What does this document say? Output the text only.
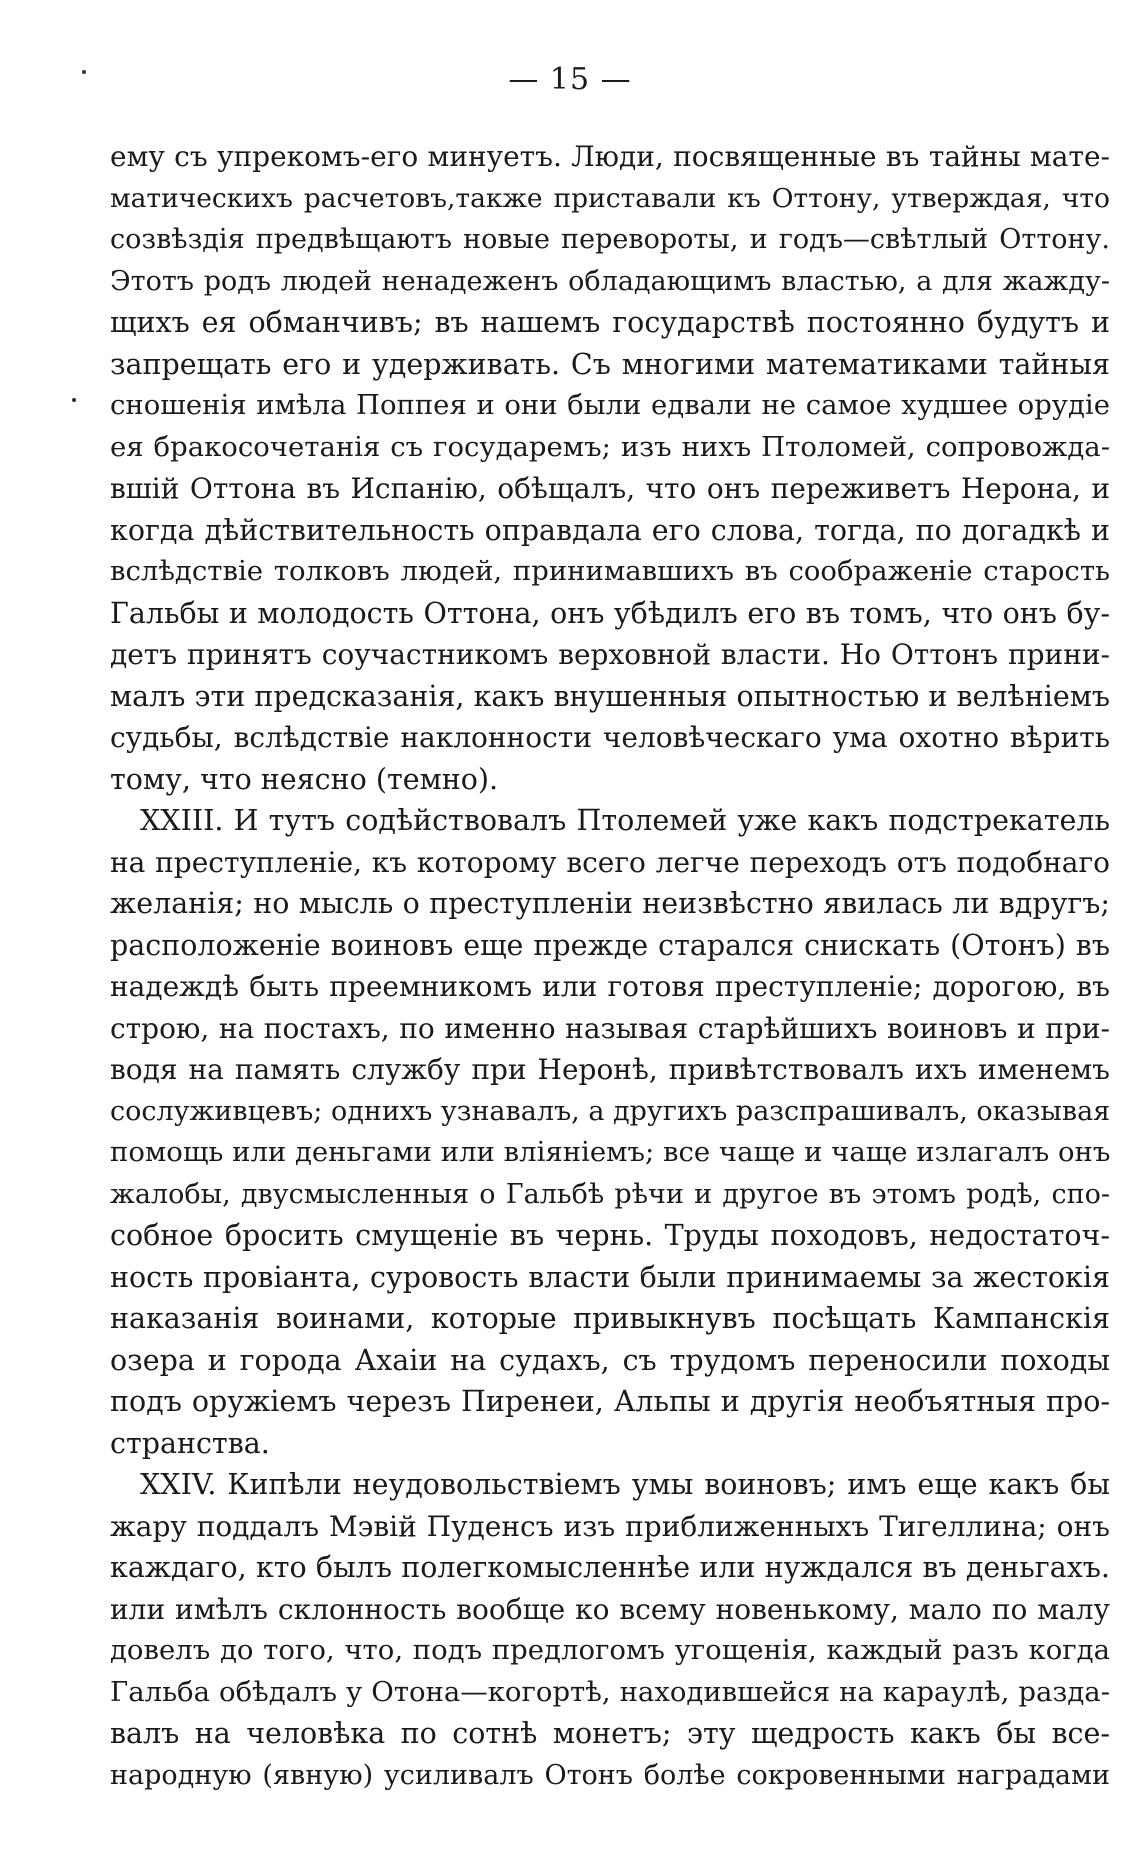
— 15 —
ему съ упрекомъ-его минуетъ. Люди, посвященные въ тайны мате-
матическихъ расчетовъ,также приставали къ Оттону, утверждая, что
созвѣздія предвѣщаютъ новые перевороты, и годъ—свѣтлый Оттону.
Этотъ родъ людей ненадеженъ обладающимъ властью, а для жажду-
щихъ ея обманчивъ; въ нашемъ государствѣ постоянно будутъ и
запрещать его и удерживать. Съ многими математиками тайныя
сношенія имѣла Поппея и они были едвали не самое худшее орудіе
ея бракосочетанія съ государемъ; изъ нихъ Птоломей, сопровожда-
вшій Оттона въ Испанію, обѣщалъ, что онъ переживетъ Нерона, и
когда дѣйствительность оправдала его слова, тогда, по догадкѣ и
вслѣдствіе толковъ людей, принимавшихъ въ соображеніе старость
Гальбы и молодость Оттона, онъ убѣдилъ его въ томъ, что онъ бу-
детъ принятъ соучастникомъ верховной власти. Но Оттонъ прини-
малъ эти предсказанія, какъ внушенныя опытностью и велѣніемъ
судьбы, вслѣдствіе наклонности человѣческаго ума охотно вѣрить
тому, что неясно (темно).
XXIII. И тутъ содѣйствовалъ Птолемей уже какъ подстрекатель
на преступленіе, къ которому всего легче переходъ отъ подобнаго
желанія; но мысль о преступленіи неизвѣстно явилась ли вдругъ;
расположеніе воиновъ еще прежде старался снискать (Отонъ) въ
надеждѣ быть преемникомъ или готовя преступленіе; дорогою, въ
строю, на постахъ, по именно называя старѣйшихъ воиновъ и при-
водя на память службу при Неронѣ, привѣтствовалъ ихъ именемъ
сослуживцевъ; однихъ узнавалъ, а другихъ разспрашивалъ, оказывая
помощь или деньгами или вліяніемъ; все чаще и чаще излагалъ онъ
жалобы, двусмысленныя о Гальбѣ рѣчи и другое въ этомъ родѣ, спо-
собное бросить смущеніе въ чернь. Труды походовъ, недостаточ-
ность провіанта, суровость власти были принимаемы за жестокія
наказанія воинами, которые привыкнувъ посѣщать Кампанскія
озера и города Ахаіи на судахъ, съ трудомъ переносили походы
подъ оружіемъ черезъ Пиренеи, Альпы и другія необъятныя про-
странства.
XXIV. Кипѣли неудовольствіемъ умы воиновъ; имъ еще какъ бы
жару поддалъ Мэвій Пуденсъ изъ приближенныхъ Тигеллина; онъ
каждаго, кто былъ полегкомысленнѣе или нуждался въ деньгахъ.
или имѣлъ склонность вообще ко всему новенькому, мало по малу
довелъ до того, что, подъ предлогомъ угощенія, каждый разъ когда
Гальба обѣдалъ у Отона—когортѣ, находившейся на караулѣ, разда-
валъ на человѣка по сотнѣ монетъ; эту щедрость какъ бы все-
народную (явную) усиливалъ Отонъ болѣе сокровенными наградами
